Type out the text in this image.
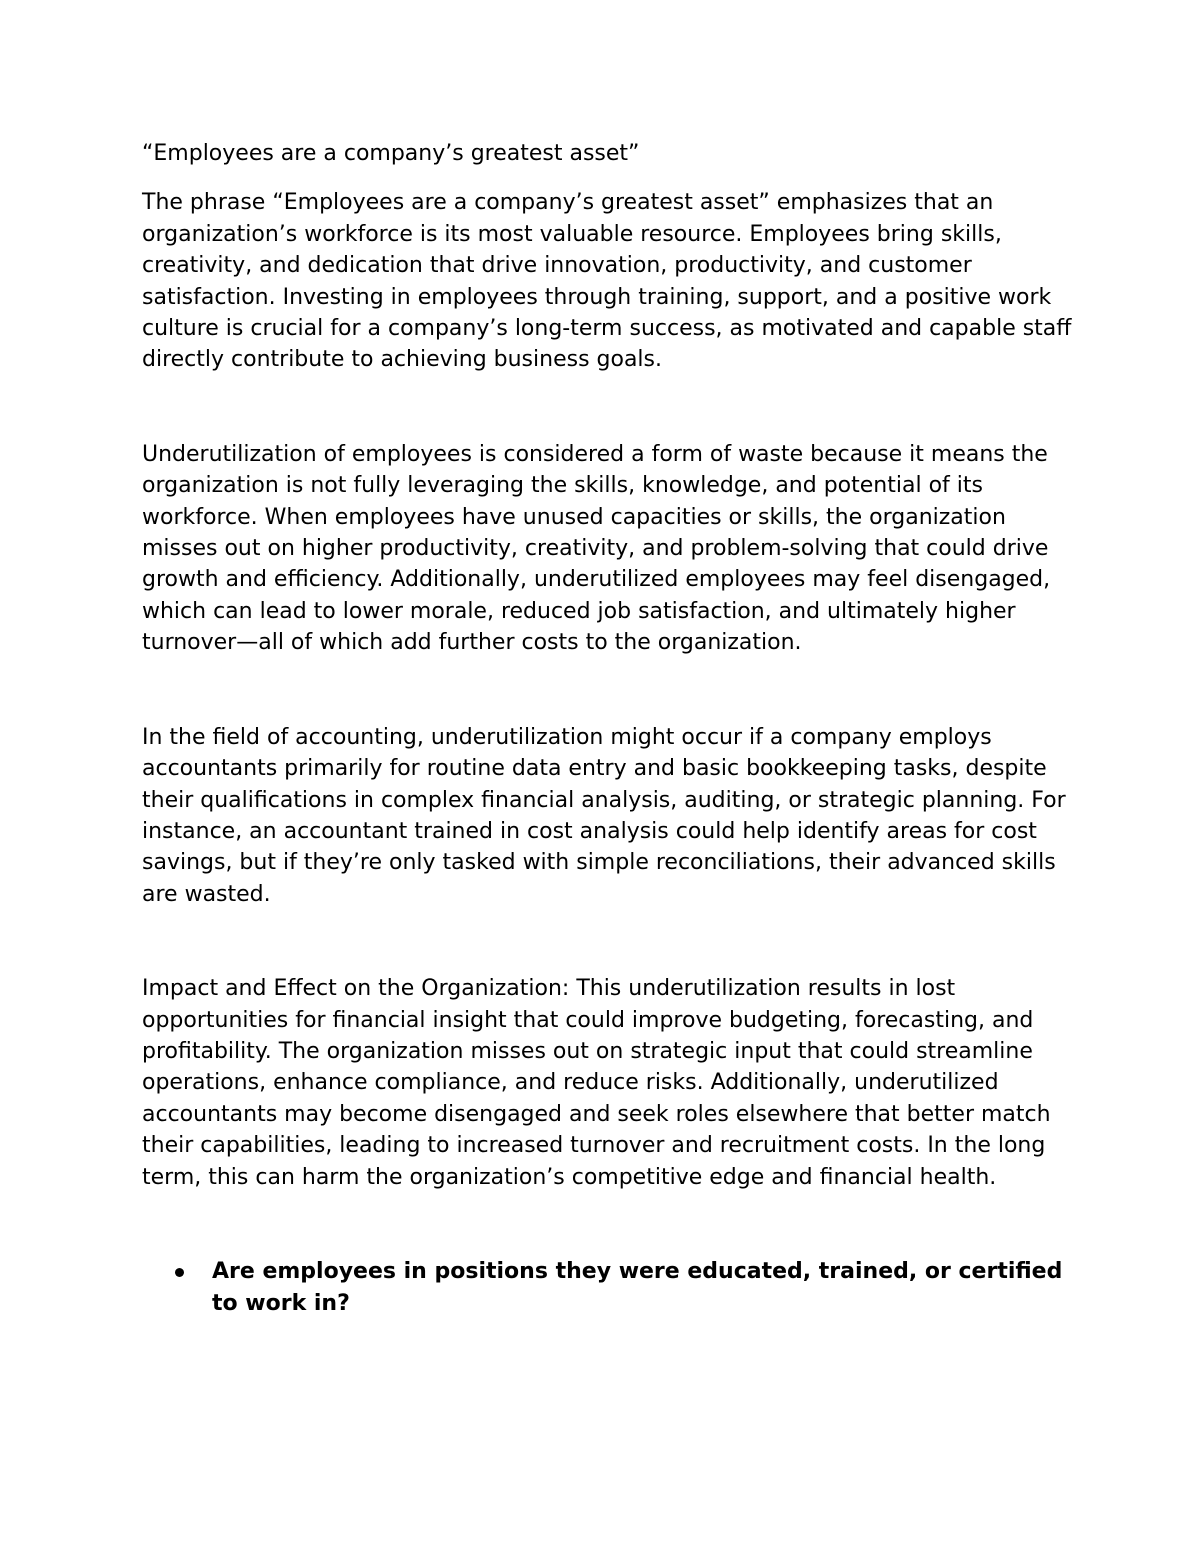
“Employees are a company’s greatest asset”

The phrase “Employees are a company’s greatest asset” emphasizes that an organization’s workforce is its most valuable resource. Employees bring skills, creativity, and dedication that drive innovation, productivity, and customer satisfaction. Investing in employees through training, support, and a positive work culture is crucial for a company’s long-term success, as motivated and capable staff directly contribute to achieving business goals.

Underutilization of employees is considered a form of waste because it means the organization is not fully leveraging the skills, knowledge, and potential of its workforce. When employees have unused capacities or skills, the organization misses out on higher productivity, creativity, and problem-solving that could drive growth and efficiency. Additionally, underutilized employees may feel disengaged, which can lead to lower morale, reduced job satisfaction, and ultimately higher turnover—all of which add further costs to the organization.

In the field of accounting, underutilization might occur if a company employs accountants primarily for routine data entry and basic bookkeeping tasks, despite their qualifications in complex financial analysis, auditing, or strategic planning. For instance, an accountant trained in cost analysis could help identify areas for cost savings, but if they’re only tasked with simple reconciliations, their advanced skills are wasted.

Impact and Effect on the Organization: This underutilization results in lost opportunities for financial insight that could improve budgeting, forecasting, and profitability. The organization misses out on strategic input that could streamline operations, enhance compliance, and reduce risks. Additionally, underutilized accountants may become disengaged and seek roles elsewhere that better match their capabilities, leading to increased turnover and recruitment costs. In the long term, this can harm the organization’s competitive edge and financial health.

Are employees in positions they were educated, trained, or certified to work in?
